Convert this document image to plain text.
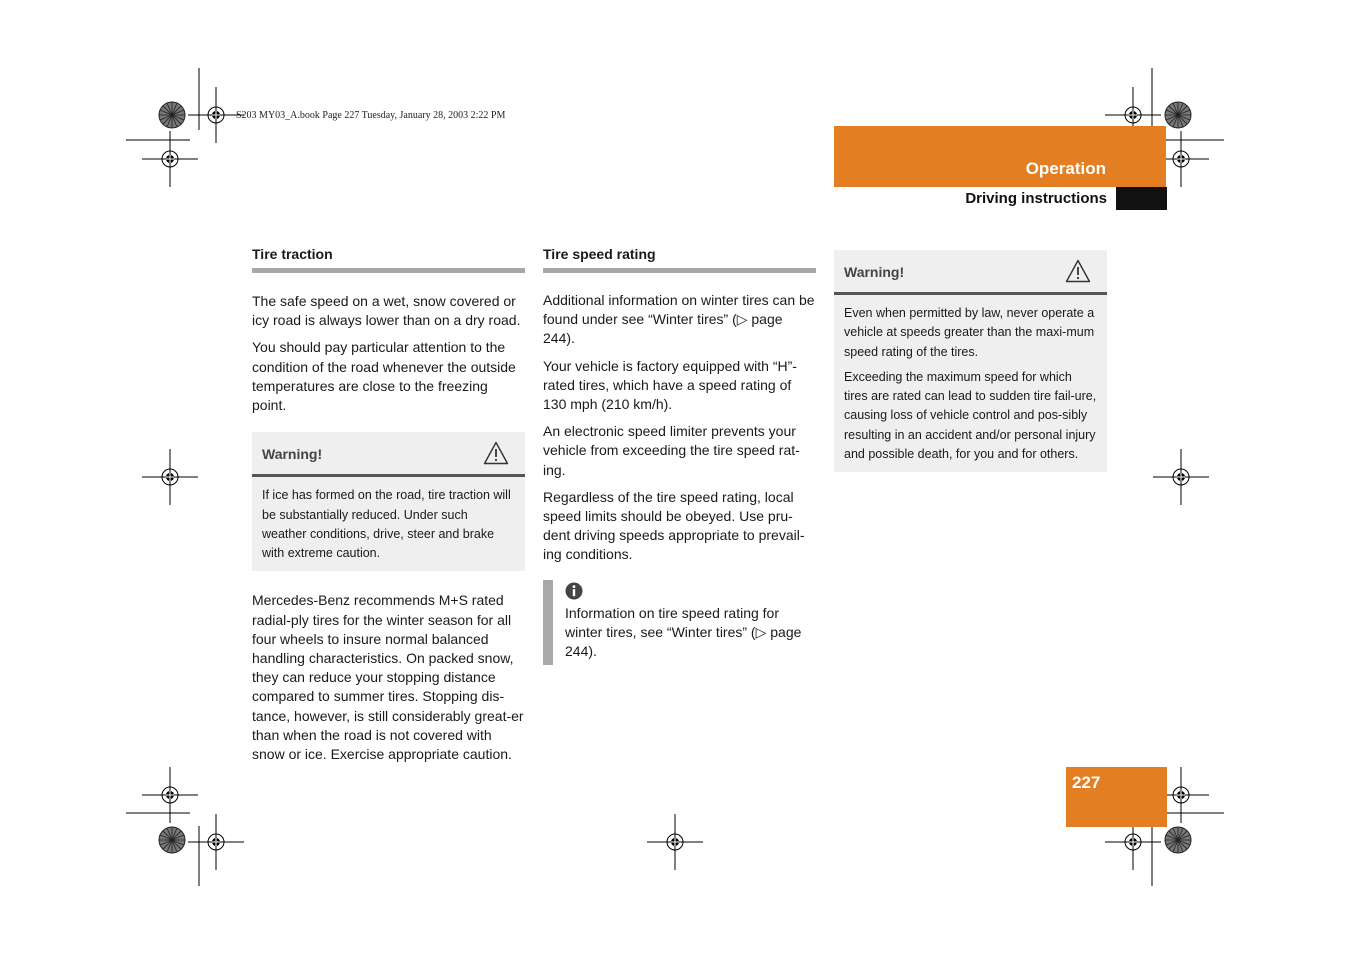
S203 MY03_A.book Page 227 Tuesday, January 28, 2003 2:22 PM
Operation
Driving instructions
Tire traction

The safe speed on a wet, snow covered or icy road is always lower than on a dry road.

You should pay particular attention to the condition of the road whenever the outside temperatures are close to the freezing point.

Warning!

If ice has formed on the road, tire traction will be substantially reduced. Under such weather conditions, drive, steer and brake with extreme caution.

Mercedes-Benz recommends M+S rated radial-ply tires for the winter season for all four wheels to insure normal balanced handling characteristics. On packed snow, they can reduce your stopping distance compared to summer tires. Stopping dis-tance, however, is still considerably great-er than when the road is not covered with snow or ice. Exercise appropriate caution.

Tire speed rating

Additional information on winter tires can be found under see “Winter tires” (▷ page 244).

Your vehicle is factory equipped with “H”-rated tires, which have a speed rating of 130 mph (210 km/h).

An electronic speed limiter prevents your vehicle from exceeding the tire speed rat-ing.

Regardless of the tire speed rating, local speed limits should be obeyed. Use pru-dent driving speeds appropriate to prevail-ing conditions.

Information on tire speed rating for winter tires, see “Winter tires” (▷ page 244).

Warning!

Even when permitted by law, never operate a vehicle at speeds greater than the maxi-mum speed rating of the tires.

Exceeding the maximum speed for which tires are rated can lead to sudden tire fail-ure, causing loss of vehicle control and pos-sibly resulting in an accident and/or personal injury and possible death, for you and for others.

227
